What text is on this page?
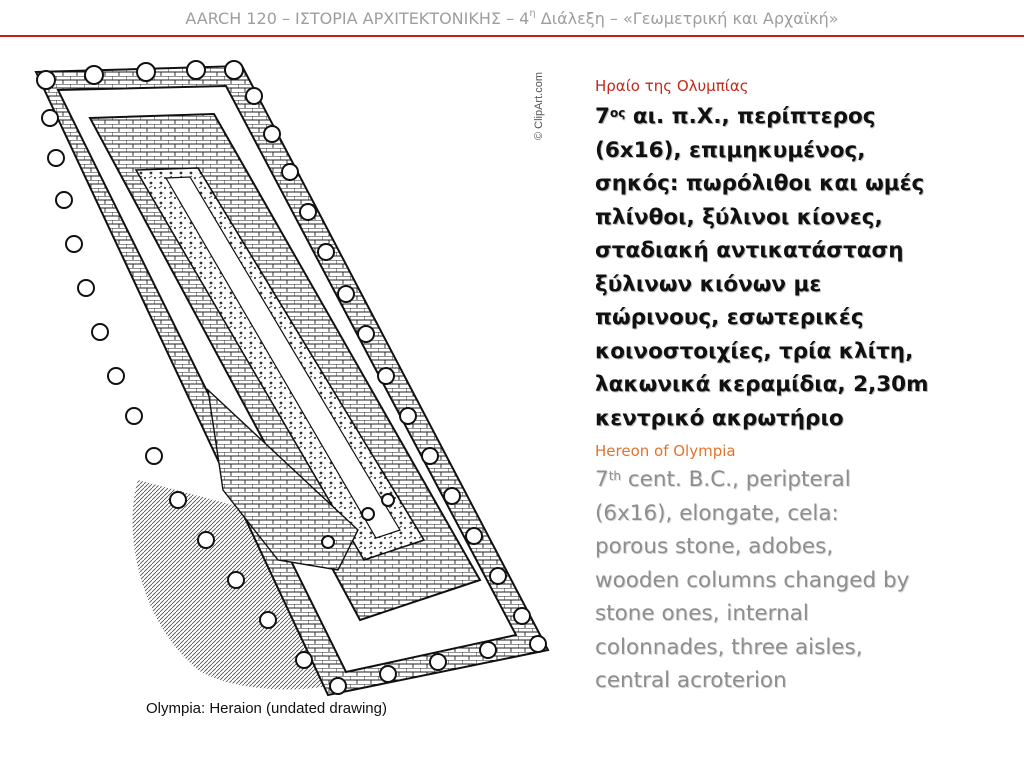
AARCH 120 – ΙΣΤΟΡΙΑ ΑΡΧΙΤΕΚΤΟΝΙΚΗΣ – $4^\eta$ Διάλεξη – «Γεωμετρική και Αρχαϊκή»
Olympia: Heraion (undated drawing)
© ClipArt.com	Ηραίο της Ολυμπίας

$7^{o\varsigma}$ αι. π.Χ., περίπτερος
(6x16), επιμηκυμένος,
σηκός: πωρόλιθοι και ωμές
πλίνθοι, ξύλινοι κίονες,
σταδιακή αντικατάσταση
ξύλινων κιόνων με
πώρινους, εσωτερικές
κοινοστοιχίες, τρία κλίτη,
λακωνικά κεραμίδια, 2,30m
κεντρικό ακρωτήριο

Hereon of Olympia

7th cent. B.C., peripteral
(6x16), elongate, cela:
porous stone, adobes,
wooden columns changed by
stone ones, internal
colonnades, three aisles,
central acroterion
